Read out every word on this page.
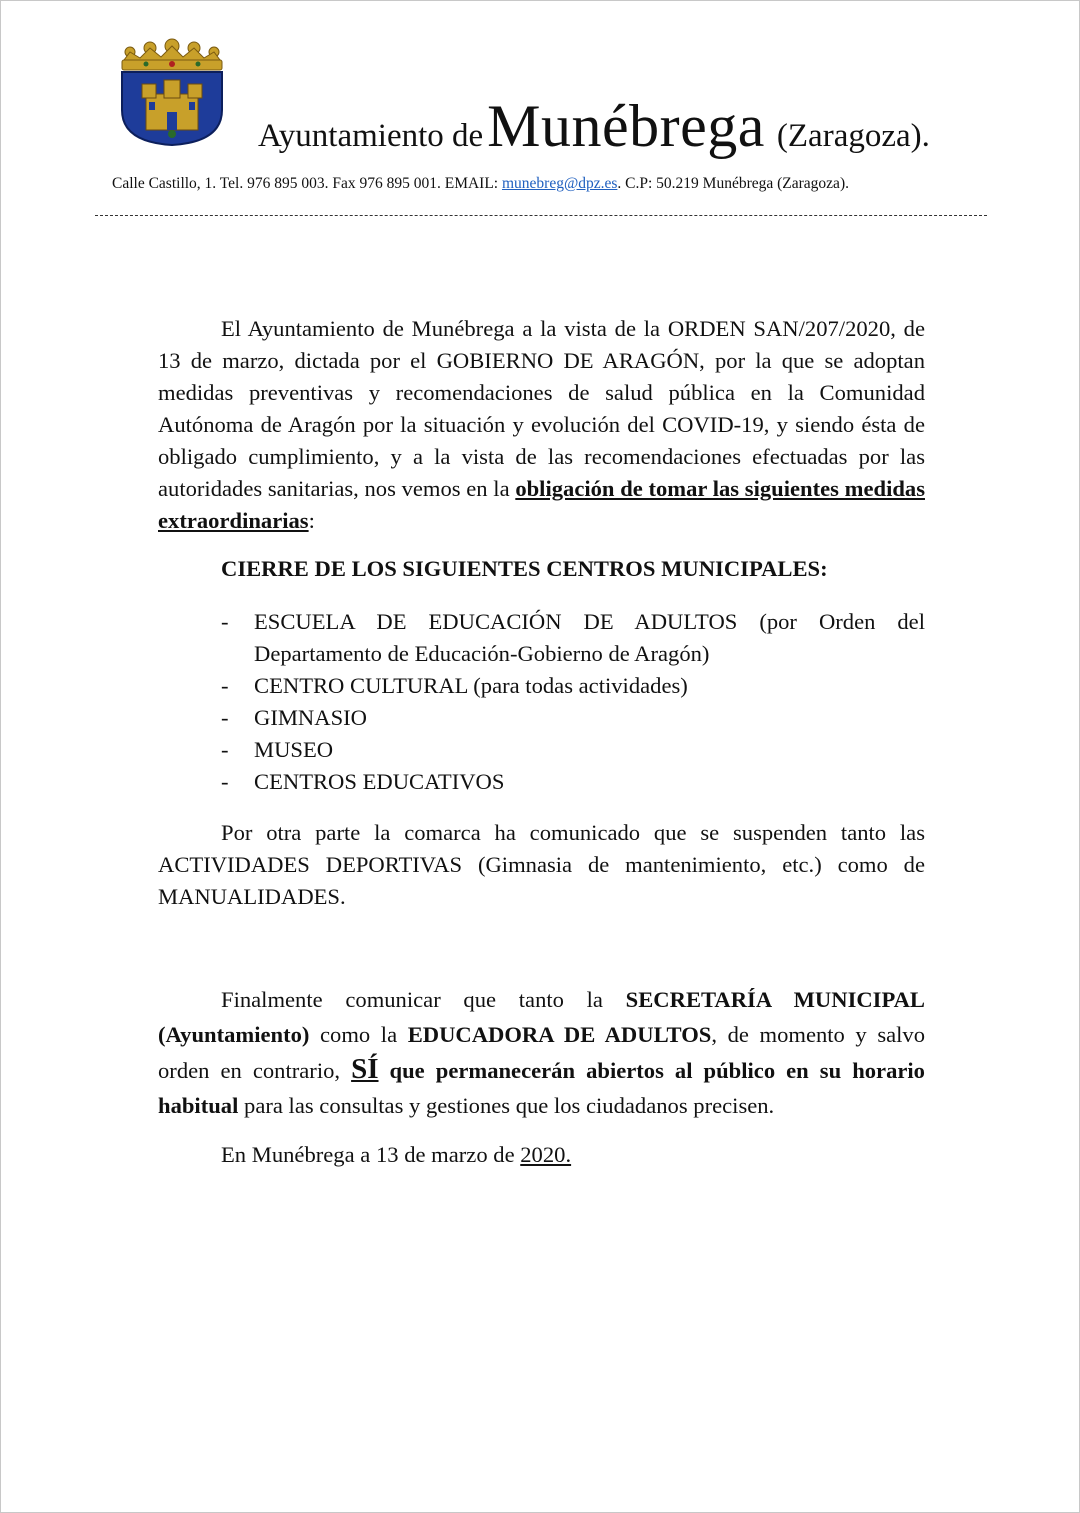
Ayuntamiento de Munébrega (Zaragoza).
Calle Castillo, 1. Tel. 976 895 003. Fax 976 895 001. EMAIL: munebreg@dpz.es. C.P: 50.219 Munébrega (Zaragoza).
El Ayuntamiento de Munébrega a la vista de la ORDEN SAN/207/2020, de 13 de marzo, dictada por el GOBIERNO DE ARAGÓN, por la que se adoptan medidas preventivas y recomendaciones de salud pública en la Comunidad Autónoma de Aragón por la situación y evolución del COVID-19, y siendo ésta de obligado cumplimiento, y a la vista de las recomendaciones efectuadas por las autoridades sanitarias, nos vemos en la obligación de tomar las siguientes medidas extraordinarias:
CIERRE DE LOS SIGUIENTES CENTROS MUNICIPALES:
- ESCUELA DE EDUCACIÓN DE ADULTOS (por Orden del Departamento de Educación-Gobierno de Aragón)
- CENTRO CULTURAL (para todas actividades)
- GIMNASIO
- MUSEO
- CENTROS EDUCATIVOS
Por otra parte la comarca ha comunicado que se suspenden tanto las ACTIVIDADES DEPORTIVAS (Gimnasia de mantenimiento, etc.) como de MANUALIDADES.
Finalmente comunicar que tanto la SECRETARÍA MUNICIPAL (Ayuntamiento) como la EDUCADORA DE ADULTOS, de momento y salvo orden en contrario, SÍ que permanecerán abiertos al público en su horario habitual para las consultas y gestiones que los ciudadanos precisen.
En Munébrega a 13 de marzo de 2020.
